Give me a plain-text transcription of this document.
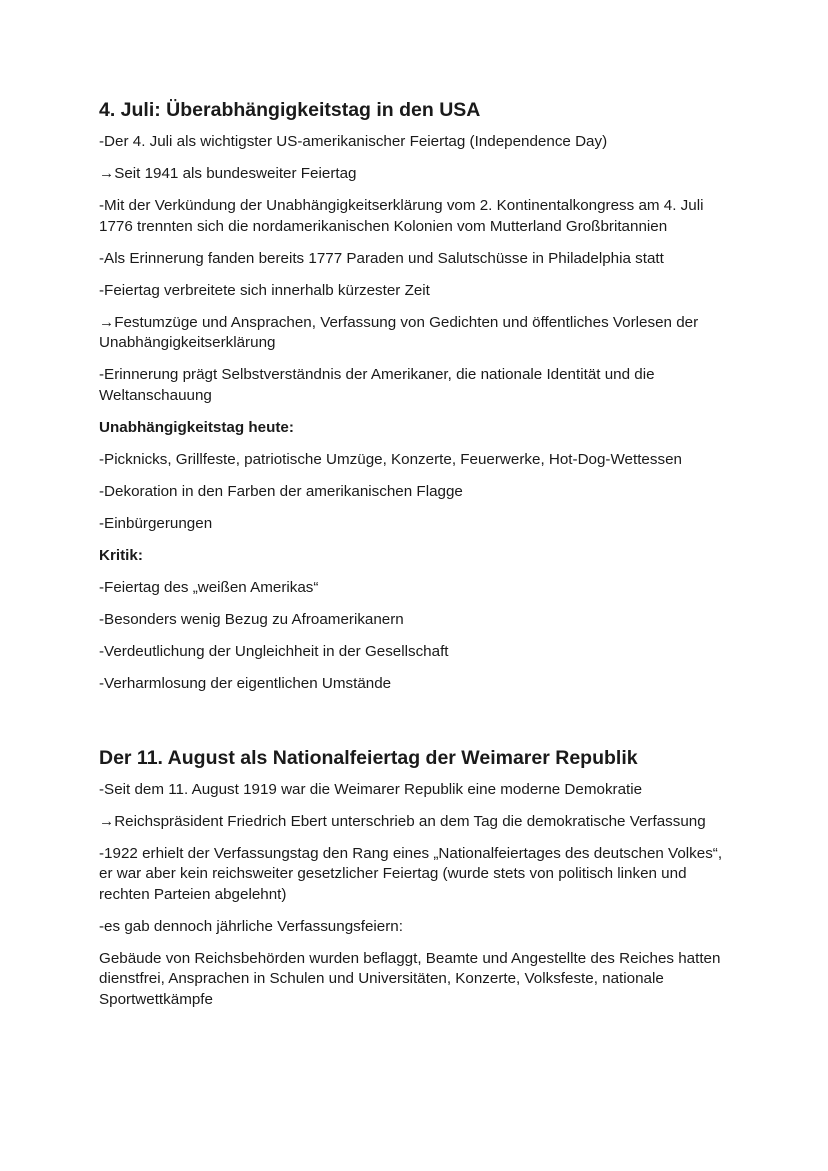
4. Juli: Überabhängigkeitstag in den USA
-Der 4. Juli als wichtigster US-amerikanischer Feiertag (Independence Day)
→Seit 1941 als bundesweiter Feiertag
-Mit der Verkündung der Unabhängigkeitserklärung vom 2. Kontinentalkongress am 4. Juli 1776 trennten sich die nordamerikanischen Kolonien vom Mutterland Großbritannien
-Als Erinnerung fanden bereits 1777 Paraden und Salutschüsse in Philadelphia statt
-Feiertag verbreitete sich innerhalb kürzester Zeit
→Festumzüge und Ansprachen, Verfassung von Gedichten und öffentliches Vorlesen der Unabhängigkeitserklärung
-Erinnerung prägt Selbstverständnis der Amerikaner, die nationale Identität und die Weltanschauung
Unabhängigkeitstag heute:
-Picknicks, Grillfeste, patriotische Umzüge, Konzerte, Feuerwerke, Hot-Dog-Wettessen
-Dekoration in den Farben der amerikanischen Flagge
-Einbürgerungen
Kritik:
-Feiertag des „weißen Amerikas“
-Besonders wenig Bezug zu Afroamerikanern
-Verdeutlichung der Ungleichheit in der Gesellschaft
-Verharmlosung der eigentlichen Umstände
Der 11. August als Nationalfeiertag der Weimarer Republik
-Seit dem 11. August 1919 war die Weimarer Republik eine moderne Demokratie
→Reichspräsident Friedrich Ebert unterschrieb an dem Tag die demokratische Verfassung
-1922 erhielt der Verfassungstag den Rang eines „Nationalfeiertages des deutschen Volkes“, er war aber kein reichsweiter gesetzlicher Feiertag (wurde stets von politisch linken und rechten Parteien abgelehnt)
-es gab dennoch jährliche Verfassungsfeiern:
Gebäude von Reichsbehörden wurden beflaggt, Beamte und Angestellte des Reiches hatten dienstfrei, Ansprachen in Schulen und Universitäten, Konzerte, Volksfeste, nationale Sportwettkämpfe
